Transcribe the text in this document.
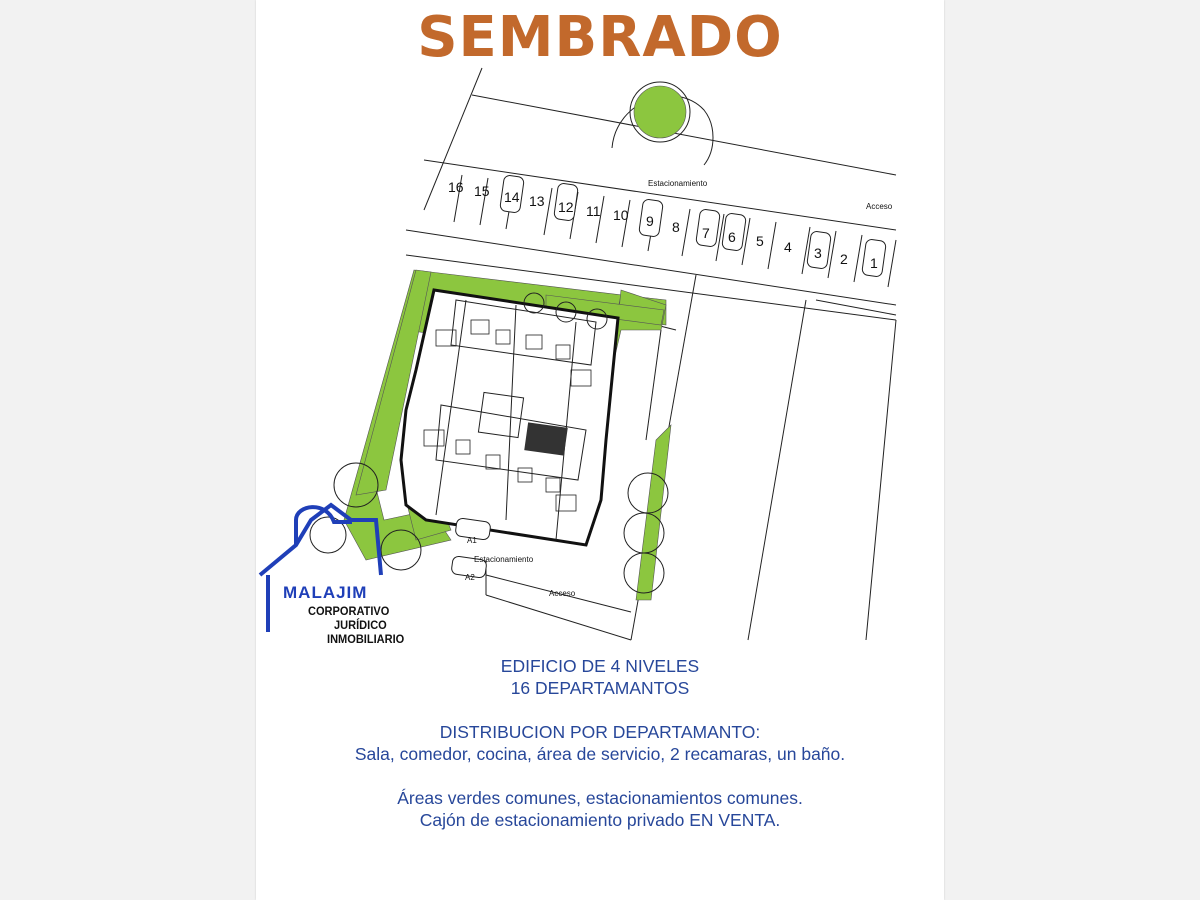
SEMBRADO
Estacionamiento
Acceso
Estacionamiento
Acceso
A1
A2
16 15 14 13 12 11 10 9 8 7 6 5 4 3 2 1
MALAJIM
CORPORATIVO
JURÍDICO
INMOBILIARIO

EDIFICIO DE 4 NIVELES

16 DEPARTAMANTOS

DISTRIBUCION POR DEPARTAMANTO:

Sala, comedor, cocina, área de servicio, 2 recamaras, un baño.

Áreas verdes comunes, estacionamientos comunes.

Cajón de estacionamiento privado EN VENTA.
